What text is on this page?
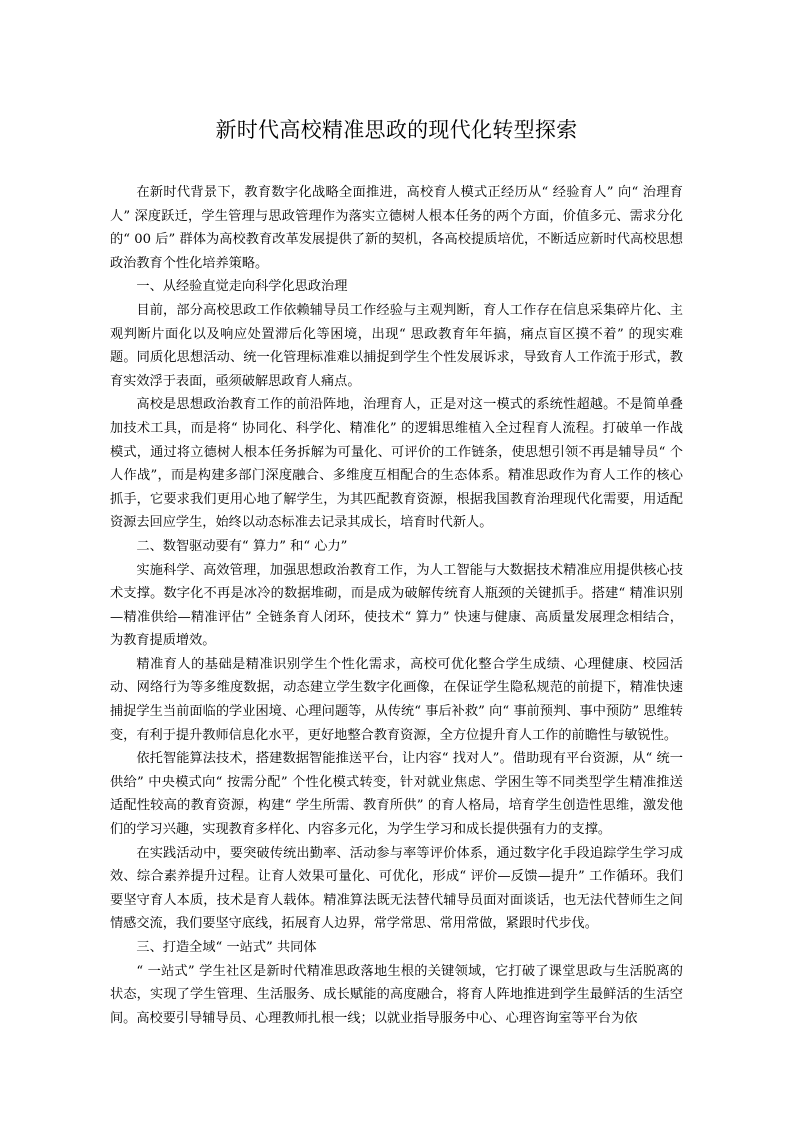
新时代高校精准思政的现代化转型探索

在新时代背景下，教育数字化战略全面推进，高校育人模式正经历从“ 经验育人” 向“ 治理育人” 深度跃迁，学生管理与思政管理作为落实立德树人根本任务的两个方面，价值多元、需求分化的“ 00 后” 群体为高校教育改革发展提供了新的契机，各高校提质培优，不断适应新时代高校思想政治教育个性化培养策略。

一、从经验直觉走向科学化思政治理

目前，部分高校思政工作依赖辅导员工作经验与主观判断，育人工作存在信息采集碎片化、主观判断片面化以及响应处置滞后化等困境，出现“ 思政教育年年搞，痛点盲区摸不着” 的现实难题。同质化思想活动、统一化管理标准难以捕捉到学生个性发展诉求，导致育人工作流于形式，教育实效浮于表面，亟须破解思政育人痛点。

高校是思想政治教育工作的前沿阵地，治理育人，正是对这一模式的系统性超越。不是简单叠加技术工具，而是将“ 协同化、科学化、精准化” 的逻辑思维植入全过程育人流程。打破单一作战模式，通过将立德树人根本任务拆解为可量化、可评价的工作链条，使思想引领不再是辅导员“ 个人作战”，而是构建多部门深度融合、多维度互相配合的生态体系。精准思政作为育人工作的核心抓手，它要求我们更用心地了解学生，为其匹配教育资源，根据我国教育治理现代化需要，用适配资源去回应学生，始终以动态标准去记录其成长，培育时代新人。

二、数智驱动要有“ 算力” 和“ 心力”

实施科学、高效管理，加强思想政治教育工作，为人工智能与大数据技术精准应用提供核心技术支撑。数字化不再是冰冷的数据堆砌，而是成为破解传统育人瓶颈的关键抓手。搭建“ 精准识别—精准供给—精准评估” 全链条育人闭环，使技术“ 算力” 快速与健康、高质量发展理念相结合，为教育提质增效。

精准育人的基础是精准识别学生个性化需求，高校可优化整合学生成绩、心理健康、校园活动、网络行为等多维度数据，动态建立学生数字化画像，在保证学生隐私规范的前提下，精准快速捕捉学生当前面临的学业困境、心理问题等，从传统“ 事后补救” 向“ 事前预判、事中预防” 思维转变，有利于提升教师信息化水平，更好地整合教育资源，全方位提升育人工作的前瞻性与敏锐性。

依托智能算法技术，搭建数据智能推送平台，让内容“ 找对人”。借助现有平台资源，从“ 统一供给” 中央模式向“ 按需分配” 个性化模式转变，针对就业焦虑、学困生等不同类型学生精准推送适配性较高的教育资源，构建“ 学生所需、教育所供” 的育人格局，培育学生创造性思维，激发他们的学习兴趣，实现教育多样化、内容多元化，为学生学习和成长提供强有力的支撑。

在实践活动中，要突破传统出勤率、活动参与率等评价体系，通过数字化手段追踪学生学习成效、综合素养提升过程。让育人效果可量化、可优化，形成“ 评价—反馈—提升” 工作循环。我们要坚守育人本质，技术是育人载体。精准算法既无法替代辅导员面对面谈话，也无法代替师生之间情感交流，我们要坚守底线，拓展育人边界，常学常思、常用常做，紧跟时代步伐。

三、打造全域“ 一站式” 共同体

“ 一站式” 学生社区是新时代精准思政落地生根的关键领域，它打破了课堂思政与生活脱离的状态，实现了学生管理、生活服务、成长赋能的高度融合，将育人阵地推进到学生最鲜活的生活空间。高校要引导辅导员、心理教师扎根一线；以就业指导服务中心、心理咨询室等平台为依
